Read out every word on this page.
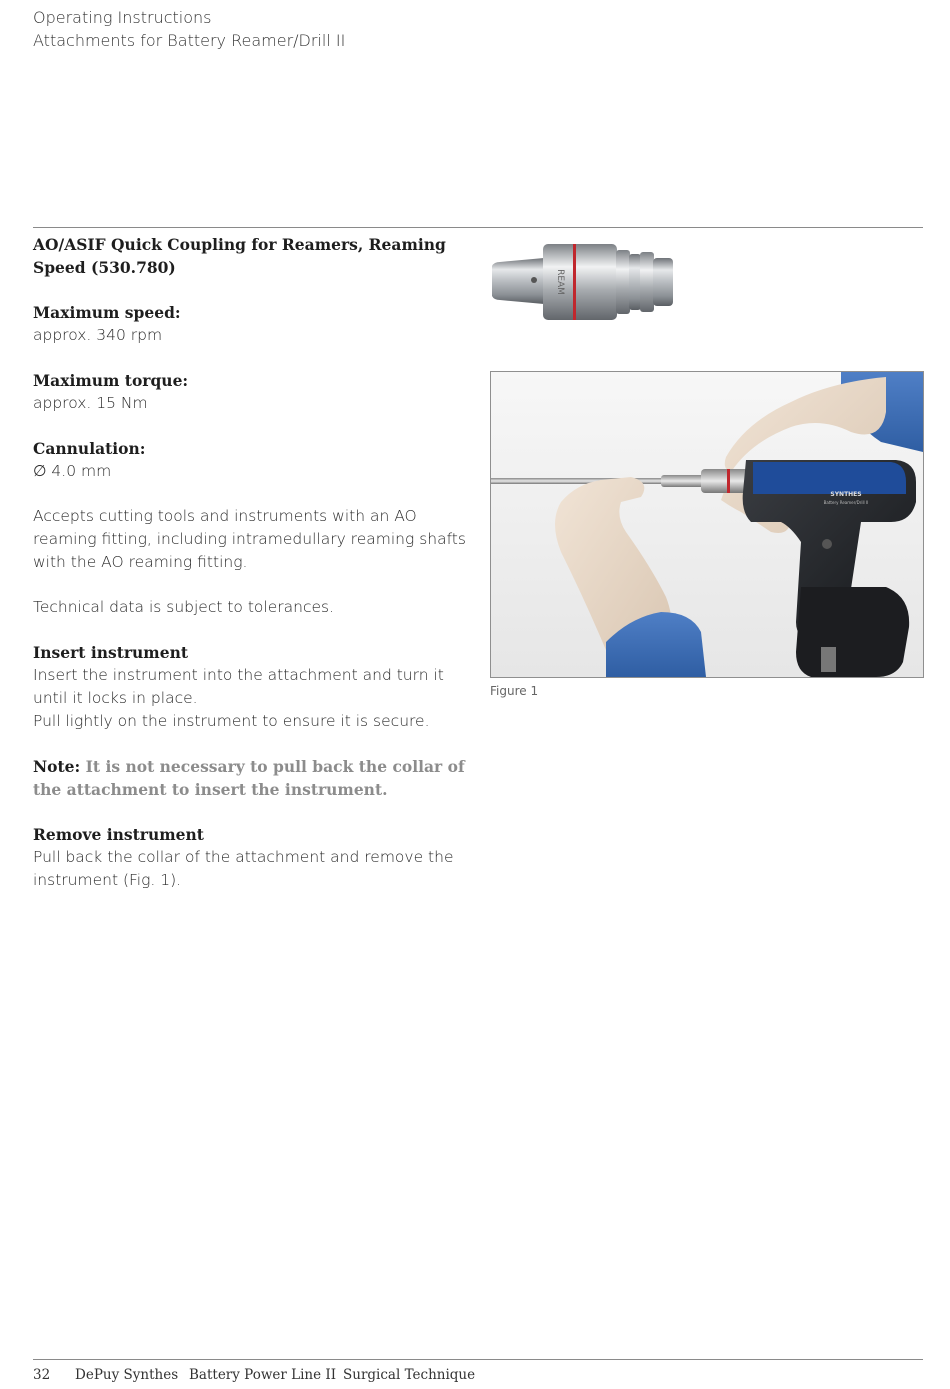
Operating Instructions
Attachments for Battery Reamer/Drill II

AO/ASIF Quick Coupling for Reamers, Reaming

Speed (530.780)

Maximum speed:

approx. 340 rpm

Maximum torque:

approx. 15 Nm

Cannulation:

∅ 4.0 mm

Accepts cutting tools and instruments with an AO

reaming fitting, including intramedullary reaming shafts

with the AO reaming fitting.

Technical data is subject to tolerances.

Insert instrument

Insert the instrument into the attachment and turn it

until it locks in place.

Pull lightly on the instrument to ensure it is secure.

Note: It is not necessary to pull back the collar of

the attachment to insert the instrument.

Remove instrument

Pull back the collar of the attachment and remove the

instrument (Fig. 1).

REAM
SYNTHES
Battery Reamer/Drill II
Figure 1
32 DePuy Synthes Battery Power Line II Surgical Technique
